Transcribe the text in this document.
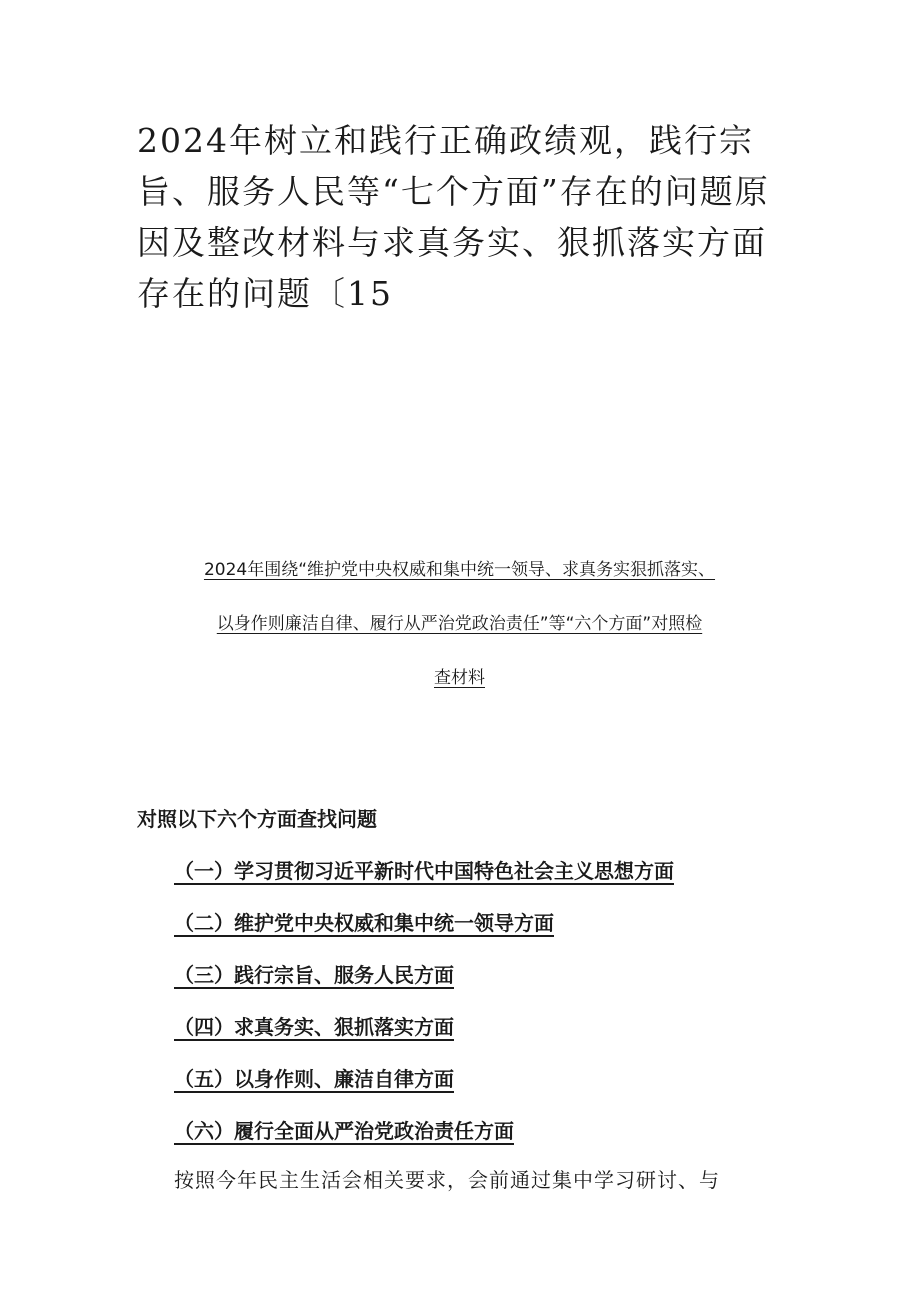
2024年树立和践行正确政绩观，践行宗旨、服务人民等“七个方面”存在的问题原因及整改材料与求真务实、狠抓落实方面存在的问题〔15
2024年围绕“维护党中央权威和集中统一领导、求真务实狠抓落实、
以身作则廉洁自律、履行从严治党政治责任”等“六个方面”对照检
查材料
对照以下六个方面查找问题
（一）学习贯彻习近平新时代中国特色社会主义思想方面
（二）维护党中央权威和集中统一领导方面
（三）践行宗旨、服务人民方面
（四）求真务实、狠抓落实方面
（五）以身作则、廉洁自律方面
（六）履行全面从严治党政治责任方面
按照今年民主生活会相关要求，会前通过集中学习研讨、与
